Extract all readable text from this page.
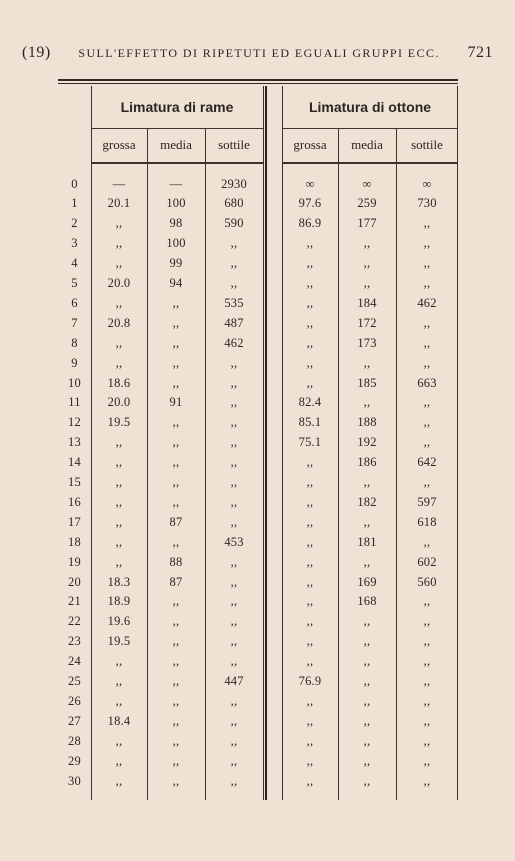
(19) SULL'EFFETTO DI RIPETUTI ED EGUALI GRUPPI ECC. 721
Limatura di rame	Limatura di ottone
grossa	media	sottile	grossa	media	sottile
0	—	—	2930	∞	∞	∞
1	20.1	100	680	97.6	259	730
2	,,	98	590	86.9	177	,,
3	,,	100	,,	,,	,,	,,
4	,,	99	,,	,,	,,	,,
5	20.0	94	,,	,,	,,	,,
6	,,	,,	535	,,	184	462
7	20.8	,,	487	,,	172	,,
8	,,	,,	462	,,	173	,,
9	,,	,,	,,	,,	,,	,,
10	18.6	,,	,,	,,	185	663
11	20.0	91	,,	82.4	,,	,,
12	19.5	,,	,,	85.1	188	,,
13	,,	,,	,,	75.1	192	,,
14	,,	,,	,,	,,	186	642
15	,,	,,	,,	,,	,,	,,
16	,,	,,	,,	,,	182	597
17	,,	87	,,	,,	,,	618
18	,,	,,	453	,,	181	,,
19	,,	88	,,	,,	,,	602
20	18.3	87	,,	,,	169	560
21	18.9	,,	,,	,,	168	,,
22	19.6	,,	,,	,,	,,	,,
23	19.5	,,	,,	,,	,,	,,
24	,,	,,	,,	,,	,,	,,
25	,,	,,	447	76.9	,,	,,
26	,,	,,	,,	,,	,,	,,
27	18.4	,,	,,	,,	,,	,,
28	,,	,,	,,	,,	,,	,,
29	,,	,,	,,	,,	,,	,,
30	,,	,,	,,	,,	,,	,,
